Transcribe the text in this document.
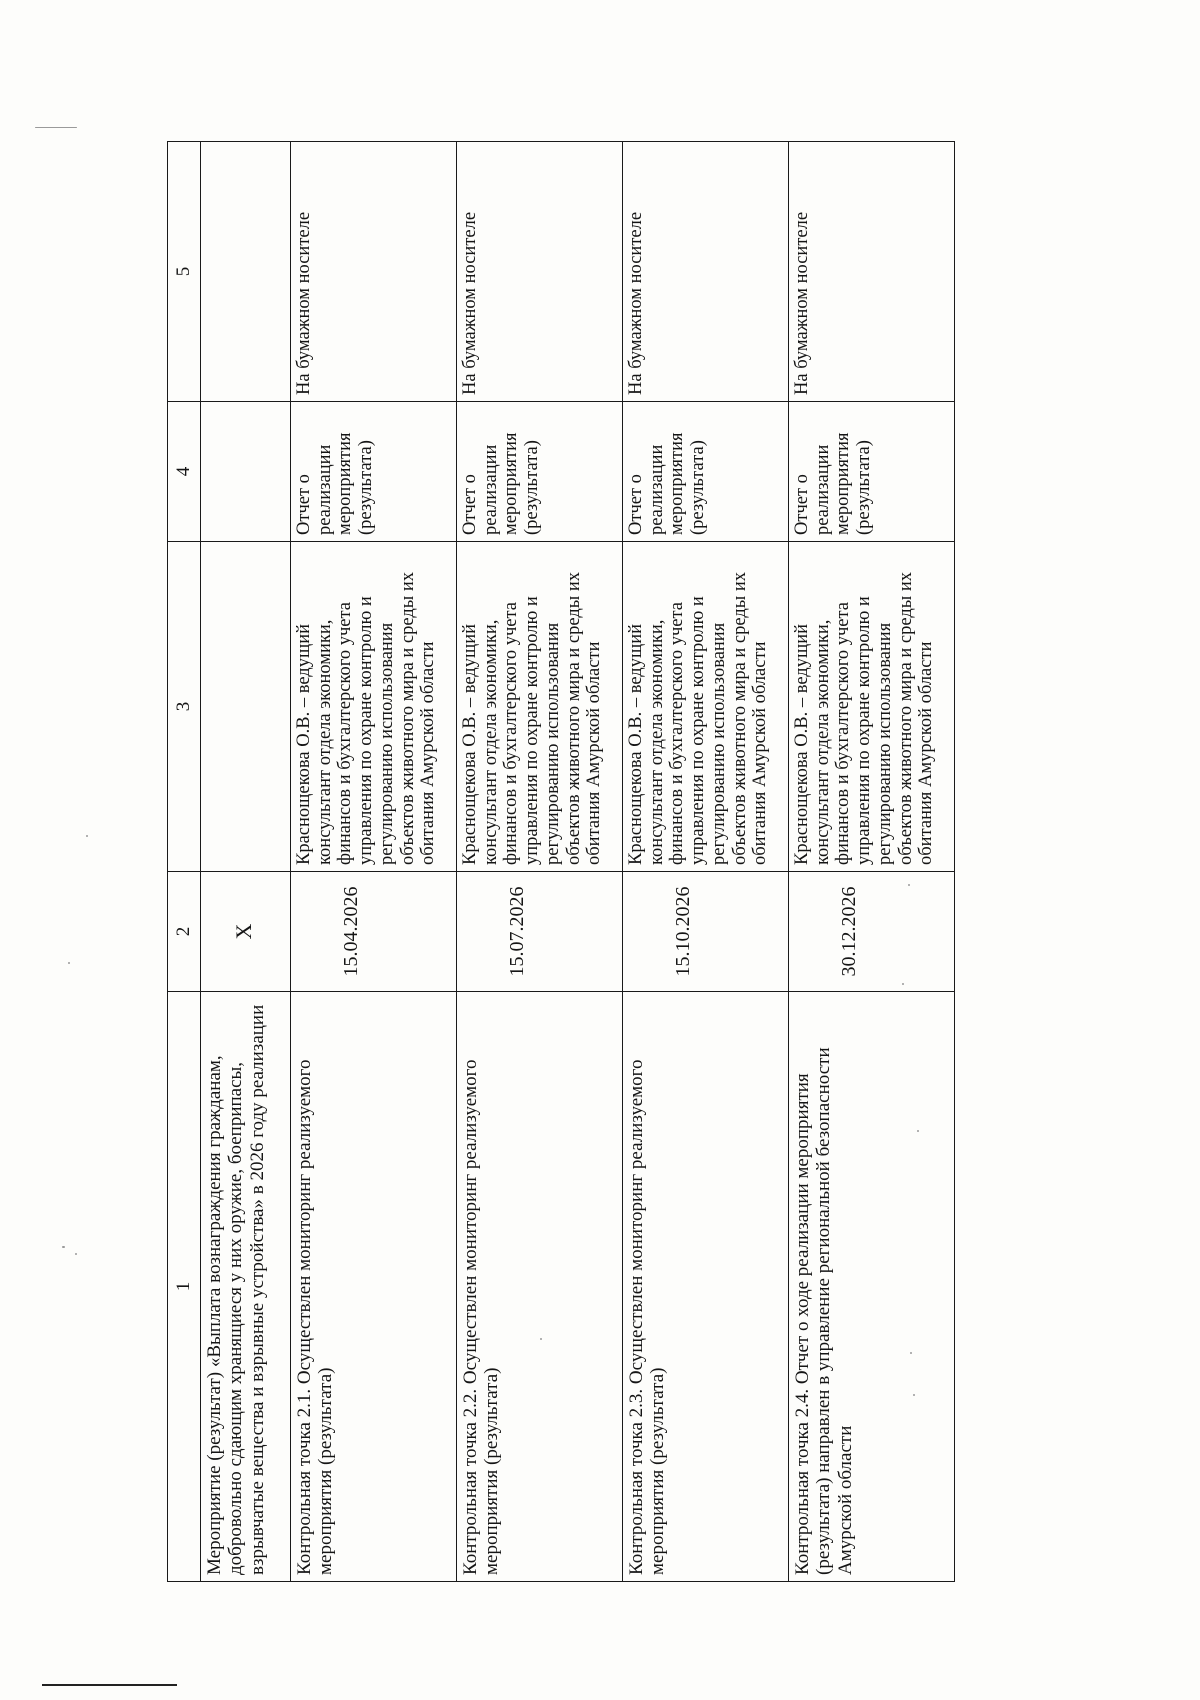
1	2	3	4	5
Мероприятие (результат) «Выплата вознаграждения гражданам, добровольно сдающим хранящиеся у них оружие, боеприпасы, взрывчатые вещества и взрывные устройства» в 2026 году реализации	X			

Контрольная точка 2.1. Осуществлен мониторинг реализуемого мероприятия (результата)	15.04.2026	Краснощекова О.В. – ведущий консультант отдела экономики, финансов и бухгалтерского учета управления по охране контролю и регулированию использования объектов животного мира и среды их обитания Амурской области	Отчет о реализации мероприятия (результата)	На бумажном носителе
Контрольная точка 2.2. Осуществлен мониторинг реализуемого мероприятия (результата)	15.07.2026	Краснощекова О.В. – ведущий консультант отдела экономики, финансов и бухгалтерского учета управления по охране контролю и регулированию использования объектов животного мира и среды их обитания Амурской области	Отчет о реализации мероприятия (результата)	На бумажном носителе
Контрольная точка 2.3. Осуществлен мониторинг реализуемого мероприятия (результата)	15.10.2026	Краснощекова О.В. – ведущий консультант отдела экономики, финансов и бухгалтерского учета управления по охране контролю и регулированию использования объектов животного мира и среды их обитания Амурской области	Отчет о реализации мероприятия (результата)	На бумажном носителе
Контрольная точка 2.4. Отчет о ходе реализации мероприятия (результата) направлен в управление региональной безопасности Амурской области	30.12.2026	Краснощекова О.В. – ведущий консультант отдела экономики, финансов и бухгалтерского учета управления по охране контролю и регулированию использования объектов животного мира и среды их обитания Амурской области	Отчет о реализации мероприятия (результата)	На бумажном носителе
